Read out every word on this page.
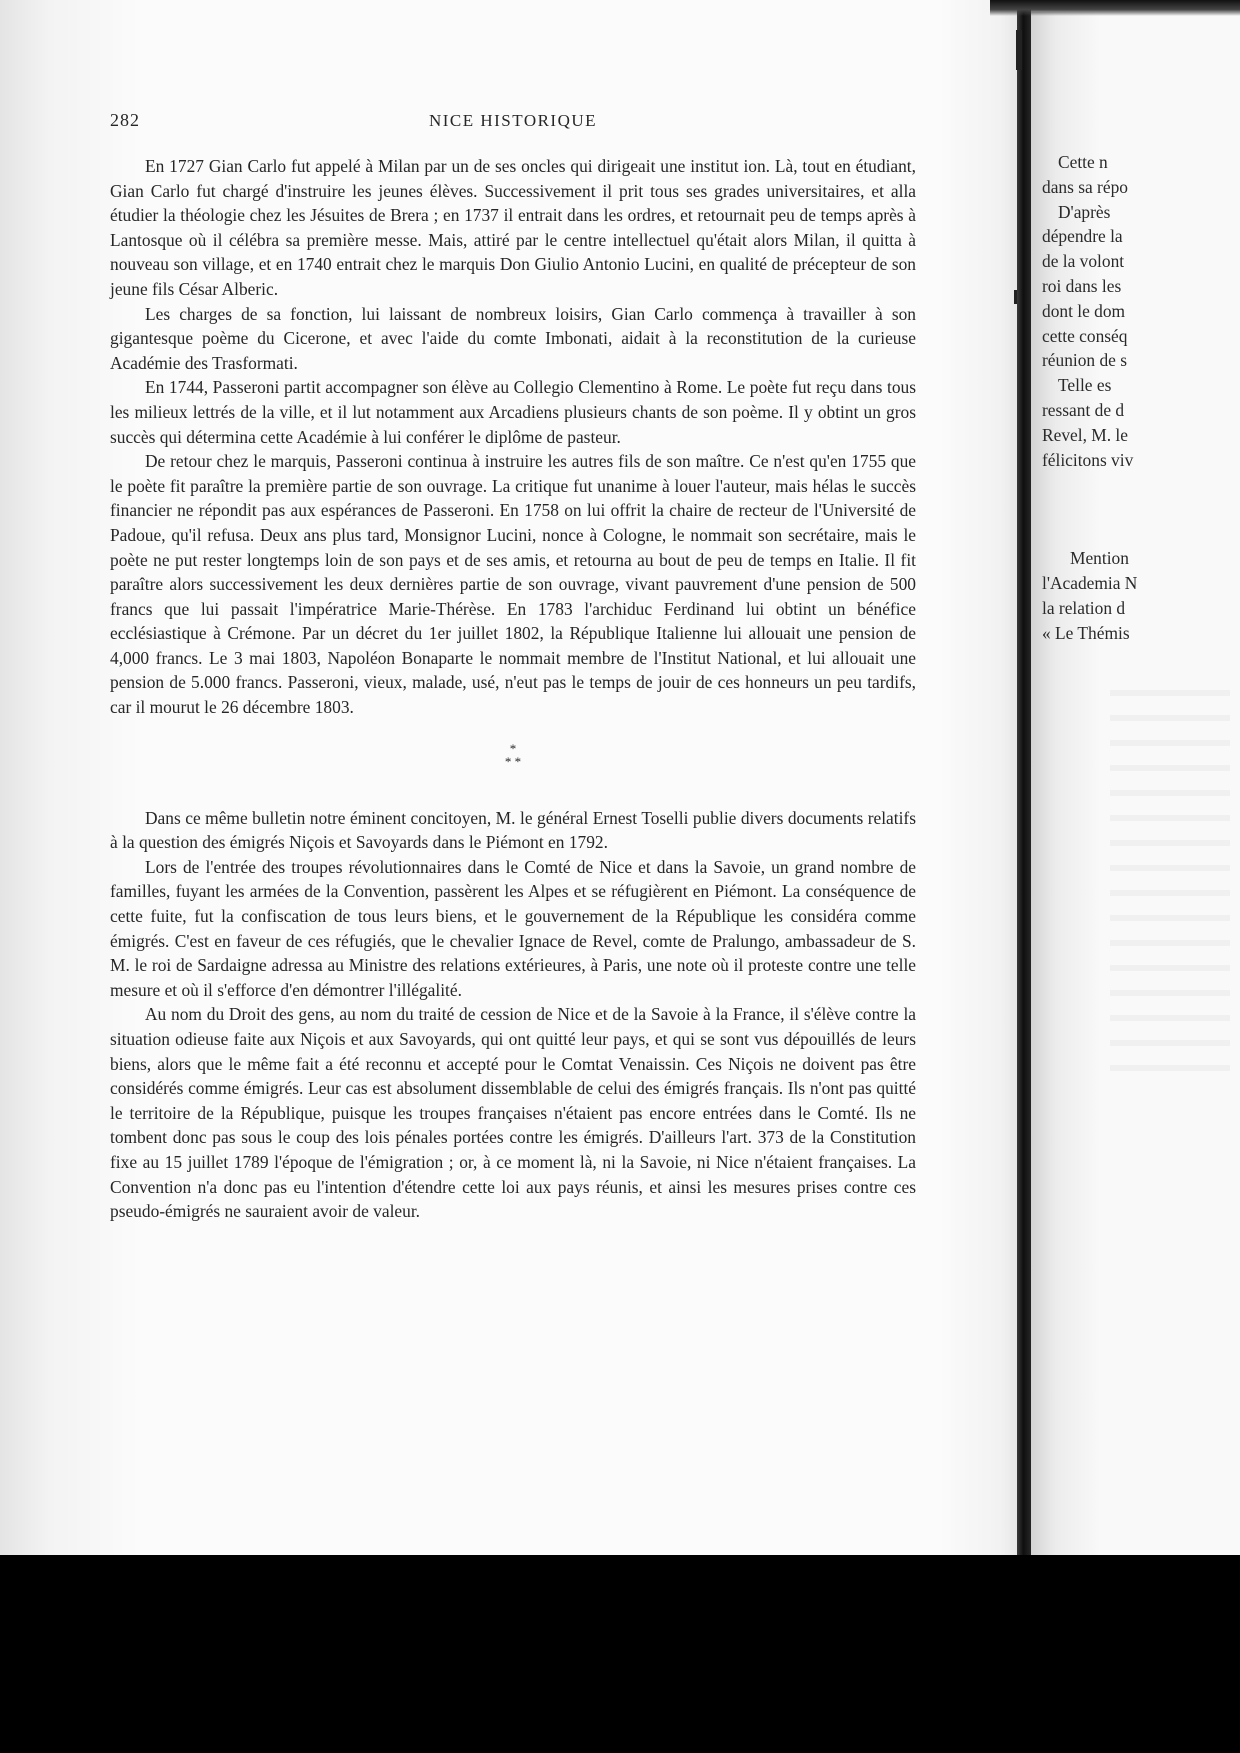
282	NICE HISTORIQUE

En 1727 Gian Carlo fut appelé à Milan par un de ses oncles qui dirigeait une institut ion. Là, tout en étudiant, Gian Carlo fut chargé d'instruire les jeunes élèves. Successivement il prit tous ses grades universitaires, et alla étudier la théologie chez les Jésuites de Brera ; en 1737 il entrait dans les ordres, et retournait peu de temps après à Lantosque où il célébra sa première messe. Mais, attiré par le centre intellectuel qu'était alors Milan, il quitta à nouveau son village, et en 1740 entrait chez le marquis Don Giulio Antonio Lucini, en qualité de précepteur de son jeune fils César Alberic.

Les charges de sa fonction, lui laissant de nombreux loisirs, Gian Carlo commença à travailler à son gigantesque poème du Cicerone, et avec l'aide du comte Imbonati, aidait à la reconstitution de la curieuse Académie des Trasformati.

En 1744, Passeroni partit accompagner son élève au Collegio Clementino à Rome. Le poète fut reçu dans tous les milieux lettrés de la ville, et il lut notamment aux Arcadiens plusieurs chants de son poème. Il y obtint un gros succès qui détermina cette Académie à lui conférer le diplôme de pasteur.

De retour chez le marquis, Passeroni continua à instruire les autres fils de son maître. Ce n'est qu'en 1755 que le poète fit paraître la première partie de son ouvrage. La critique fut unanime à louer l'auteur, mais hélas le succès financier ne répondit pas aux espérances de Passeroni. En 1758 on lui offrit la chaire de recteur de l'Université de Padoue, qu'il refusa. Deux ans plus tard, Monsignor Lucini, nonce à Cologne, le nommait son secrétaire, mais le poète ne put rester longtemps loin de son pays et de ses amis, et retourna au bout de peu de temps en Italie. Il fit paraître alors successivement les deux dernières partie de son ouvrage, vivant pauvrement d'une pension de 500 francs que lui passait l'impératrice Marie-Thérèse. En 1783 l'archiduc Ferdinand lui obtint un bénéfice ecclésiastique à Crémone. Par un décret du 1er juillet 1802, la République Italienne lui allouait une pension de 4,000 francs. Le 3 mai 1803, Napoléon Bonaparte le nommait membre de l'Institut National, et lui allouait une pension de 5.000 francs. Passeroni, vieux, malade, usé, n'eut pas le temps de jouir de ces honneurs un peu tardifs, car il mourut le 26 décembre 1803.

*
* *

Dans ce même bulletin notre éminent concitoyen, M. le général Ernest Toselli publie divers documents relatifs à la question des émigrés Niçois et Savoyards dans le Piémont en 1792.

Lors de l'entrée des troupes révolutionnaires dans le Comté de Nice et dans la Savoie, un grand nombre de familles, fuyant les armées de la Convention, passèrent les Alpes et se réfugièrent en Piémont. La conséquence de cette fuite, fut la confiscation de tous leurs biens, et le gouvernement de la République les considéra comme émigrés. C'est en faveur de ces réfugiés, que le chevalier Ignace de Revel, comte de Pralungo, ambassadeur de S. M. le roi de Sardaigne adressa au Ministre des relations extérieures, à Paris, une note où il proteste contre une telle mesure et où il s'efforce d'en démontrer l'illégalité.

Au nom du Droit des gens, au nom du traité de cession de Nice et de la Savoie à la France, il s'élève contre la situation odieuse faite aux Niçois et aux Savoyards, qui ont quitté leur pays, et qui se sont vus dépouillés de leurs biens, alors que le même fait a été reconnu et accepté pour le Comtat Venaissin. Ces Niçois ne doivent pas être considérés comme émigrés. Leur cas est absolument dissemblable de celui des émigrés français. Ils n'ont pas quitté le territoire de la République, puisque les troupes françaises n'étaient pas encore entrées dans le Comté. Ils ne tombent donc pas sous le coup des lois pénales portées contre les émigrés. D'ailleurs l'art. 373 de la Constitution fixe au 15 juillet 1789 l'époque de l'émigration ; or, à ce moment là, ni la Savoie, ni Nice n'étaient françaises. La Convention n'a donc pas eu l'intention d'étendre cette loi aux pays réunis, et ainsi les mesures prises contre ces pseudo-émigrés ne sauraient avoir de valeur.

Cette n
dans sa répo
D'après
dépendre la
de la volont
roi dans les
dont le dom
cette conséq
réunion de s
Telle es
ressant de d
Revel, M. le
félicitons viv
Mention
l'Academia N
la relation d
« Le Thémis
